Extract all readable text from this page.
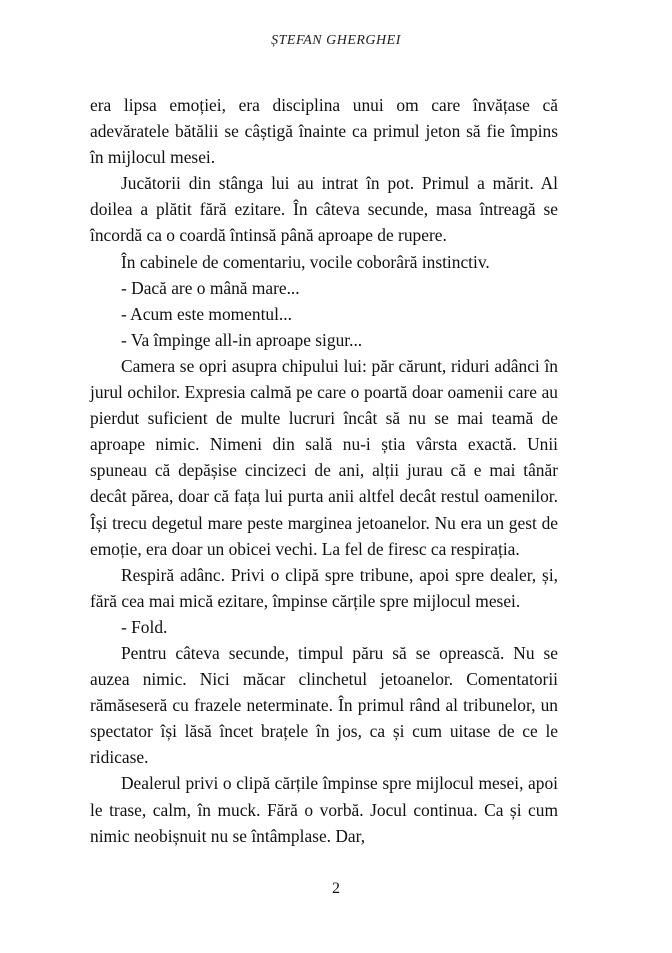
ȘTEFAN GHERGHEI

era lipsa emoției, era disciplina unui om care învățase că adevăratele bătălii se câștigă înainte ca primul jeton să fie împins în mijlocul mesei.

Jucătorii din stânga lui au intrat în pot. Primul a mărit. Al doilea a plătit fără ezitare. În câteva secunde, masa întreagă se încordă ca o coardă întinsă până aproape de rupere.

În cabinele de comentariu, vocile coborâră instinctiv.

- Dacă are o mână mare...

- Acum este momentul...

- Va împinge all-in aproape sigur...

Camera se opri asupra chipului lui: păr cărunt, riduri adânci în jurul ochilor. Expresia calmă pe care o poartă doar oamenii care au pierdut suficient de multe lucruri încât să nu se mai teamă de aproape nimic. Nimeni din sală nu-i știa vârsta exactă. Unii spuneau că depășise cincizeci de ani, alții jurau că e mai tânăr decât părea, doar că fața lui purta anii altfel decât restul oamenilor. Își trecu degetul mare peste marginea jetoanelor. Nu era un gest de emoție, era doar un obicei vechi. La fel de firesc ca respirația.

Respiră adânc. Privi o clipă spre tribune, apoi spre dealer, și, fără cea mai mică ezitare, împinse cărțile spre mijlocul mesei.

- Fold.

Pentru câteva secunde, timpul păru să se oprească. Nu se auzea nimic. Nici măcar clinchetul jetoanelor. Comentatorii rămăseseră cu frazele neterminate. În primul rând al tribunelor, un spectator își lăsă încet brațele în jos, ca și cum uitase de ce le ridicase.

Dealerul privi o clipă cărțile împinse spre mijlocul mesei, apoi le trase, calm, în muck. Fără o vorbă. Jocul continua. Ca și cum nimic neobișnuit nu se întâmplase. Dar,

2
